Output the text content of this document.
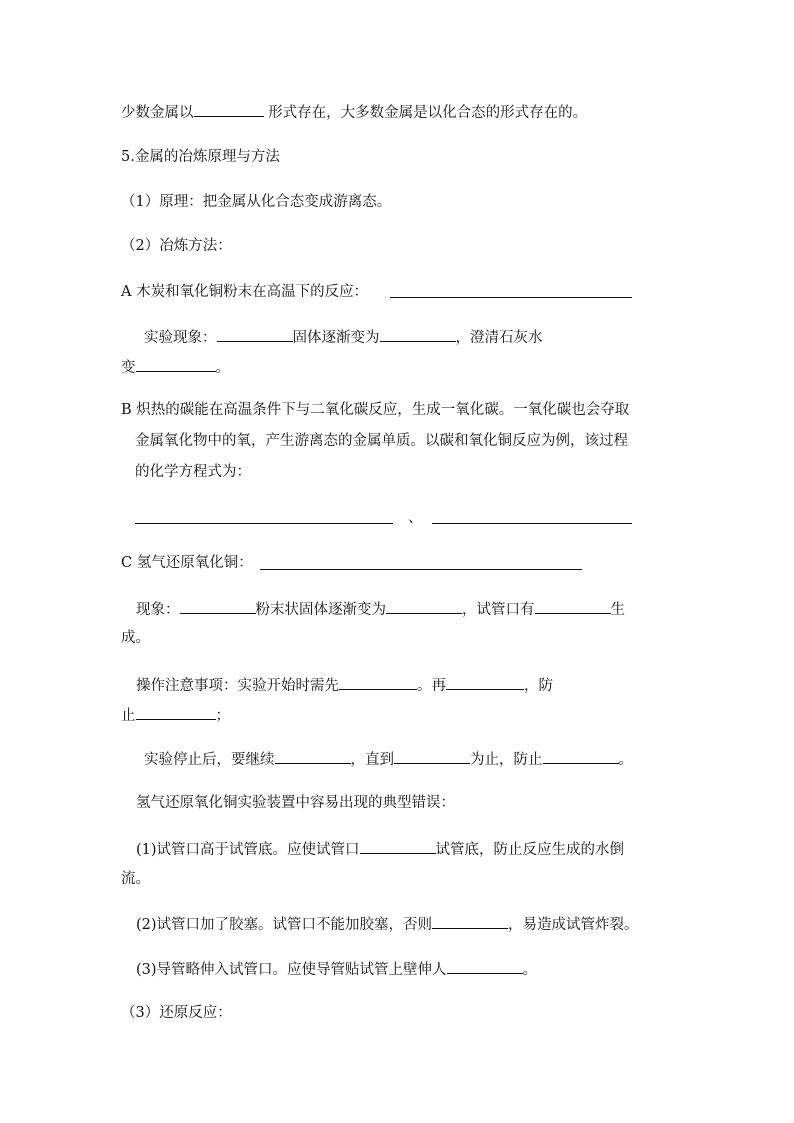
少数金属以	形式存在，大多数金属是以化合态的形式存在的。
5.金属的冶炼原理与方法
（1）原理：把金属从化合态变成游离态。
（2）冶炼方法：
A 木炭和氧化铜粉末在高温下的反应：
实验现象：	固体逐渐变为	，澄清石灰水
变	。
B 炽热的碳能在高温条件下与二氧化碳反应，生成一氧化碳。一氧化碳也会夺取
金属氧化物中的氧，产生游离态的金属单质。以碳和氧化铜反应为例，该过程
的化学方程式为：
、
C 氢气还原氧化铜：
现象：	粉末状固体逐渐变为	，试管口有	生
成。
操作注意事项：实验开始时需先	。再	，防
止	；
实验停止后，要继续	，直到	为止，防止	。
氢气还原氧化铜实验装置中容易出现的典型错误：
(1)试管口高于试管底。应使试管口	试管底，防止反应生成的水倒
流。
(2)试管口加了胶塞。试管口不能加胶塞，否则	，易造成试管炸裂。
(3)导管略伸入试管口。应使导管贴试管上壁伸人	。
（3）还原反应：
